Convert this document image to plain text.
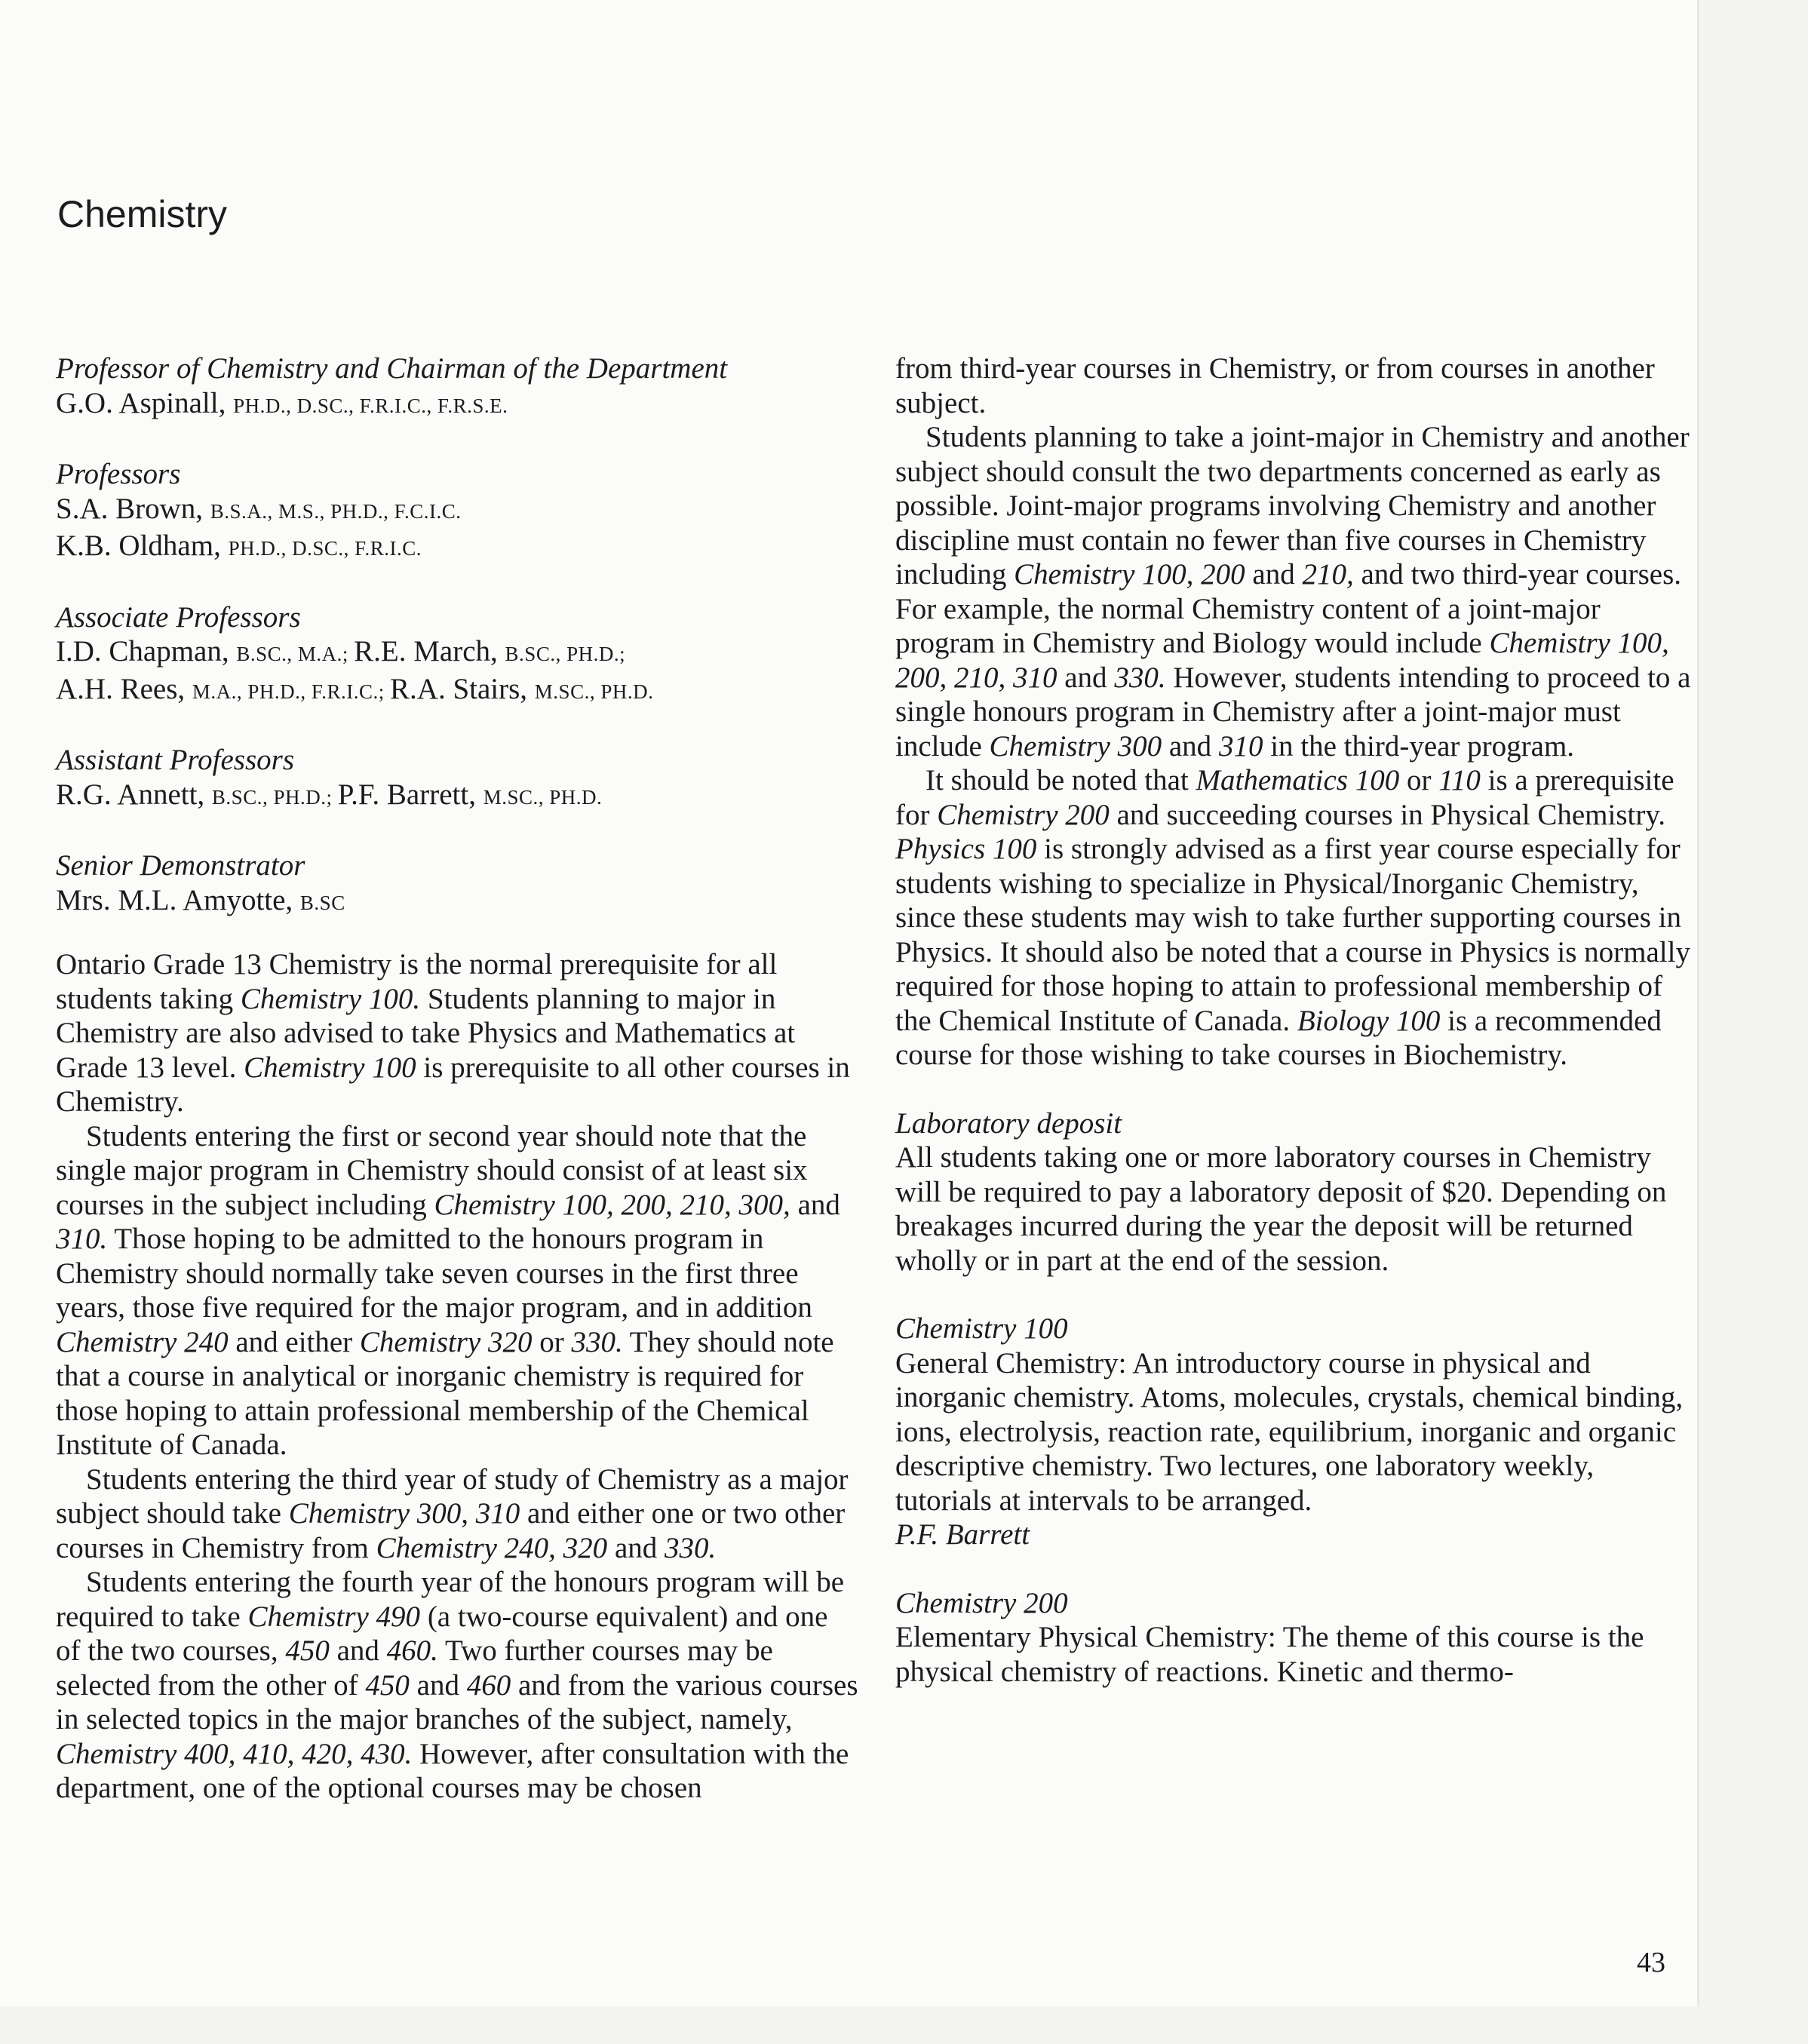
Chemistry
Professor of Chemistry and Chairman of the Department
G.O. Aspinall, PH.D., D.SC., F.R.I.C., F.R.S.E.
Professors
S.A. Brown, B.S.A., M.S., PH.D., F.C.I.C.
K.B. Oldham, PH.D., D.SC., F.R.I.C.
Associate Professors
I.D. Chapman, B.SC., M.A.; R.E. March, B.SC., PH.D.;
A.H. Rees, M.A., PH.D., F.R.I.C.; R.A. Stairs, M.SC., PH.D.
Assistant Professors
R.G. Annett, B.SC., PH.D.; P.F. Barrett, M.SC., PH.D.
Senior Demonstrator
Mrs. M.L. Amyotte, B.SC

Ontario Grade 13 Chemistry is the normal prerequisite for all students taking Chemistry 100. Students planning to major in Chemistry are also advised to take Physics and Mathematics at Grade 13 level. Chemistry 100 is prerequisite to all other courses in Chemistry.

Students entering the first or second year should note that the single major program in Chemistry should consist of at least six courses in the subject including Chemistry 100, 200, 210, 300, and 310. Those hoping to be admitted to the honours program in Chemistry should normally take seven courses in the first three years, those five required for the major program, and in addition Chemistry 240 and either Chemistry 320 or 330. They should note that a course in analytical or inorganic chemistry is required for those hoping to attain professional membership of the Chemical Institute of Canada.

Students entering the third year of study of Chemistry as a major subject should take Chemistry 300, 310 and either one or two other courses in Chemistry from Chemistry 240, 320 and 330.

Students entering the fourth year of the honours program will be required to take Chemistry 490 (a two-course equivalent) and one of the two courses, 450 and 460. Two further courses may be selected from the other of 450 and 460 and from the various courses in selected topics in the major branches of the subject, namely, Chemistry 400, 410, 420, 430. However, after consultation with the department, one of the optional courses may be chosen

from third-year courses in Chemistry, or from courses in another subject.

Students planning to take a joint-major in Chemistry and another subject should consult the two departments concerned as early as possible. Joint-major programs involving Chemistry and another discipline must contain no fewer than five courses in Chemistry including Chemistry 100, 200 and 210, and two third-year courses. For example, the normal Chemistry content of a joint-major program in Chemistry and Biology would include Chemistry 100, 200, 210, 310 and 330. However, students intending to proceed to a single honours program in Chemistry after a joint-major must include Chemistry 300 and 310 in the third-year program.

It should be noted that Mathematics 100 or 110 is a prerequisite for Chemistry 200 and succeeding courses in Physical Chemistry. Physics 100 is strongly advised as a first year course especially for students wishing to specialize in Physical/Inorganic Chemistry, since these students may wish to take further supporting courses in Physics. It should also be noted that a course in Physics is normally required for those hoping to attain to professional membership of the Chemical Institute of Canada. Biology 100 is a recommended course for those wishing to take courses in Biochemistry.

Laboratory deposit

All students taking one or more laboratory courses in Chemistry will be required to pay a laboratory deposit of $20. Depending on breakages incurred during the year the deposit will be returned wholly or in part at the end of the session.

Chemistry 100

General Chemistry: An introductory course in physical and inorganic chemistry. Atoms, molecules, crystals, chemical binding, ions, electrolysis, reaction rate, equilibrium, inorganic and organic descriptive chemistry. Two lectures, one laboratory weekly, tutorials at intervals to be arranged.

P.F. Barrett
Chemistry 200

Elementary Physical Chemistry: The theme of this course is the physical chemistry of reactions. Kinetic and thermo-

43
